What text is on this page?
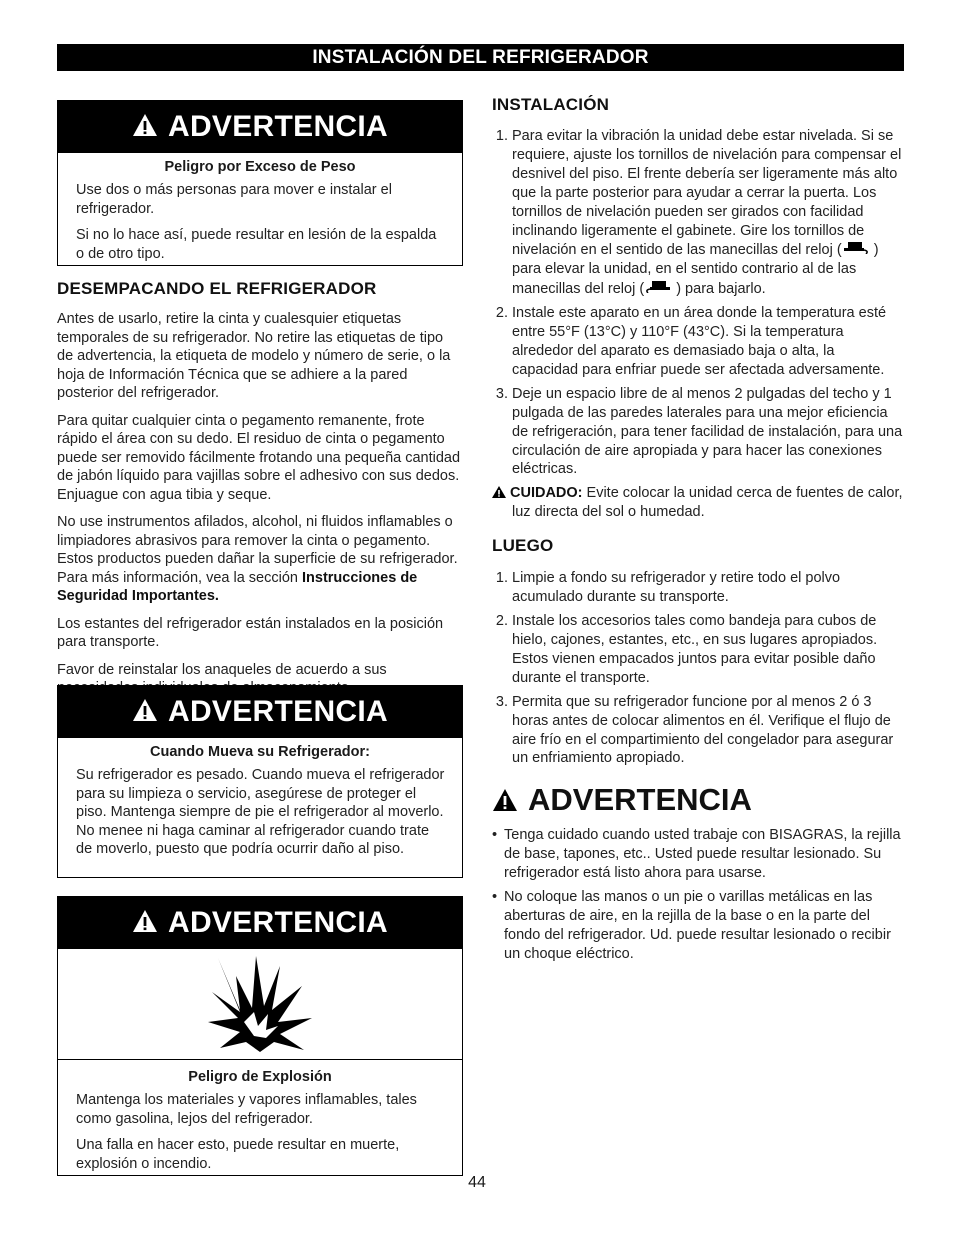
INSTALACIÓN DEL REFRIGERADOR
ADVERTENCIA
Peligro por Exceso de Peso

Use dos o más personas para mover e instalar el refrigerador.

Si no lo hace así, puede resultar en lesión de la espalda o de otro tipo.

DESEMPACANDO EL REFRIGERADOR

Antes de usarlo, retire la cinta y cualesquier etiquetas temporales de su refrigerador. No retire las etiquetas de tipo de advertencia, la etiqueta de modelo y número de serie, o la hoja de Información Técnica que se adhiere a la pared posterior del refrigerador.

Para quitar cualquier cinta o pegamento remanente, frote rápido el área con su dedo. El residuo de cinta o pegamento puede ser removido fácilmente frotando una pequeña cantidad de jabón líquido para vajillas sobre el adhesivo con sus dedos. Enjuague con agua tibia y seque.

No use instrumentos afilados, alcohol, ni fluidos inflamables o limpiadores abrasivos para remover la cinta o pegamento. Estos productos pueden dañar la superficie de su refrigerador. Para más información, vea la sección Instrucciones de Seguridad Importantes.

Los estantes del refrigerador están instalados en la posición para transporte.

Favor de reinstalar los anaqueles de acuerdo a sus

ADVERTENCIA
Cuando Mueva su Refrigerador:

Su refrigerador es pesado. Cuando mueva el refrigerador para su limpieza o servicio, asegúrese de proteger el piso. Mantenga siempre de pie el refrigerador al moverlo. No menee ni haga caminar al refrigerador cuando trate de moverlo, puesto que podría ocurrir daño al piso.

ADVERTENCIA
Peligro de Explosión

Mantenga los materiales y vapores inflamables, tales como gasolina, lejos del refrigerador.

Una falla en hacer esto, puede resultar en muerte, explosión o incendio.

INSTALACIÓN
1. Para evitar la vibración la unidad debe estar nivelada. Si se requiere, ajuste los tornillos de nivelación para compensar el desnivel del piso. El frente debería ser ligeramente más alto que la parte posterior para ayudar a cerrar la puerta. Los tornillos de nivelación pueden ser girados con facilidad inclinando ligeramente el gabinete. Gire los tornillos de nivelación en el sentido de las manecillas del reloj ( ) para elevar la unidad, en el sentido contrario al de las manecillas del reloj ( ) para bajarlo.
2. Instale este aparato en un área donde la temperatura esté entre 55°F (13°C) y 110°F (43°C). Si la temperatura alrededor del aparato es demasiado baja o alta, la capacidad para enfriar puede ser afectada adversamente.
3. Deje un espacio libre de al menos 2 pulgadas del techo y 1 pulgada de las paredes laterales para una mejor eficiencia de refrigeración, para tener facilidad de instalación, para una circulación de aire apropiada y para hacer las conexiones eléctricas.
CUIDADO: Evite colocar la unidad cerca de fuentes de calor, luz directa del sol o humedad.
LUEGO
1. Limpie a fondo su refrigerador y retire todo el polvo acumulado durante su transporte.
2. Instale los accesorios tales como bandeja para cubos de hielo, cajones, estantes, etc., en sus lugares apropiados. Estos vienen empacados juntos para evitar posible daño durante el transporte.
3. Permita que su refrigerador funcione por al menos 2 ó 3 horas antes de colocar alimentos en él. Verifique el flujo de aire frío en el compartimiento del congelador para asegurar un enfriamiento apropiado.
ADVERTENCIA
• Tenga cuidado cuando usted trabaje con BISAGRAS, la rejilla de base, tapones, etc.. Usted puede resultar lesionado. Su refrigerador está listo ahora para usarse.
• No coloque las manos o un pie o varillas metálicas en las aberturas de aire, en la rejilla de la base o en la parte del fondo del refrigerador. Ud. puede resultar lesionado o recibir un choque eléctrico.
44
